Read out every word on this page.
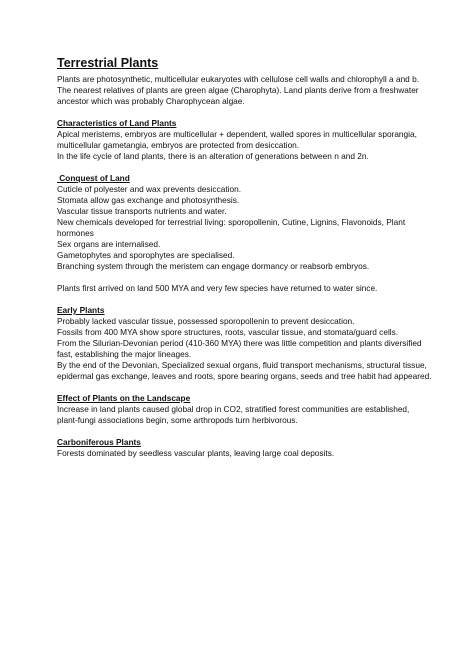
Terrestrial Plants

Plants are photosynthetic, multicellular eukaryotes with cellulose cell walls and chlorophyll a and b.

The nearest relatives of plants are green algae (Charophyta). Land plants derive from a freshwater

ancestor which was probably Charophycean algae.

Characteristics of Land Plants

Apical meristems, embryos are multicellular + dependent, walled spores in multicellular sporangia,

multicellular gametangia, embryos are protected from desiccation.

In the life cycle of land plants, there is an alteration of generations between n and 2n.

Conquest of Land

Cuticle of polyester and wax prevents desiccation.

Stomata allow gas exchange and photosynthesis.

Vascular tissue transports nutrients and water.

New chemicals developed for terrestrial living: sporopollenin, Cutine, Lignins, Flavonoids, Plant

hormones

Sex organs are internalised.

Gametophytes and sporophytes are specialised.

Branching system through the meristem can engage dormancy or reabsorb embryos.

Plants first arrived on land 500 MYA and very few species have returned to water since.

Early Plants

Probably lacked vascular tissue, possessed sporopollenin to prevent desiccation.

Fossils from 400 MYA show spore structures, roots, vascular tissue, and stomata/guard cells.

From the Silurian-Devonian period (410-360 MYA) there was little competition and plants diversified

fast, establishing the major lineages.

By the end of the Devonian, Specialized sexual organs, fluid transport mechanisms, structural tissue,

epidermal gas exchange, leaves and roots, spore bearing organs, seeds and tree habit had appeared.

Effect of Plants on the Landscape

Increase in land plants caused global drop in CO2, stratified forest communities are established,

plant-fungi associations begin, some arthropods turn herbivorous.

Carboniferous Plants

Forests dominated by seedless vascular plants, leaving large coal deposits.
